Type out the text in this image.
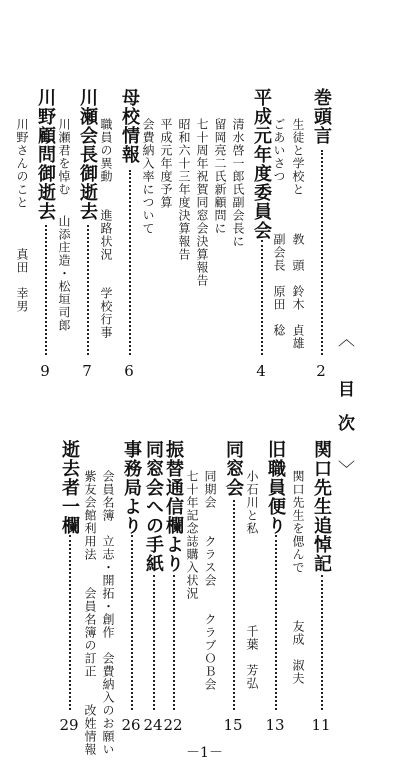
︿
目　次
﹀
巻頭言
2
生徒と学校と
教　頭　鈴木　貞雄
ごあいさつ
副会長　原田　稔
平成元年度委員会
4
清水啓一郎氏副会長に
留岡亮二氏新顧問に
七十周年祝賀同窓会決算報告
昭和六十三年度決算報告
平成元年度予算
会費納入率について
母校情報
6
職員の異動　　進路状況　　学校行事
川瀬会長御逝去
7
川瀬君を悼む
山添庄造・松垣司郎
川野顧問御逝去
9
川野さんのこと
真田　幸男
関口先生追悼記
11
関口先生を偲んで
友成　淑夫
旧職員便り
13
小石川と私
千葉　芳弘
同窓会
15
同期会　　クラス会　　クラブＯＢ会
七十年記念誌購入状況
振替通信欄より
22
同窓会への手紙
24
事務局より
26
会員名簿　立志・開拓・創作　会費納入のお願い
紫友会館利用法　　会員名簿の訂正　　改姓情報
逝去者一欄
29
－1－
